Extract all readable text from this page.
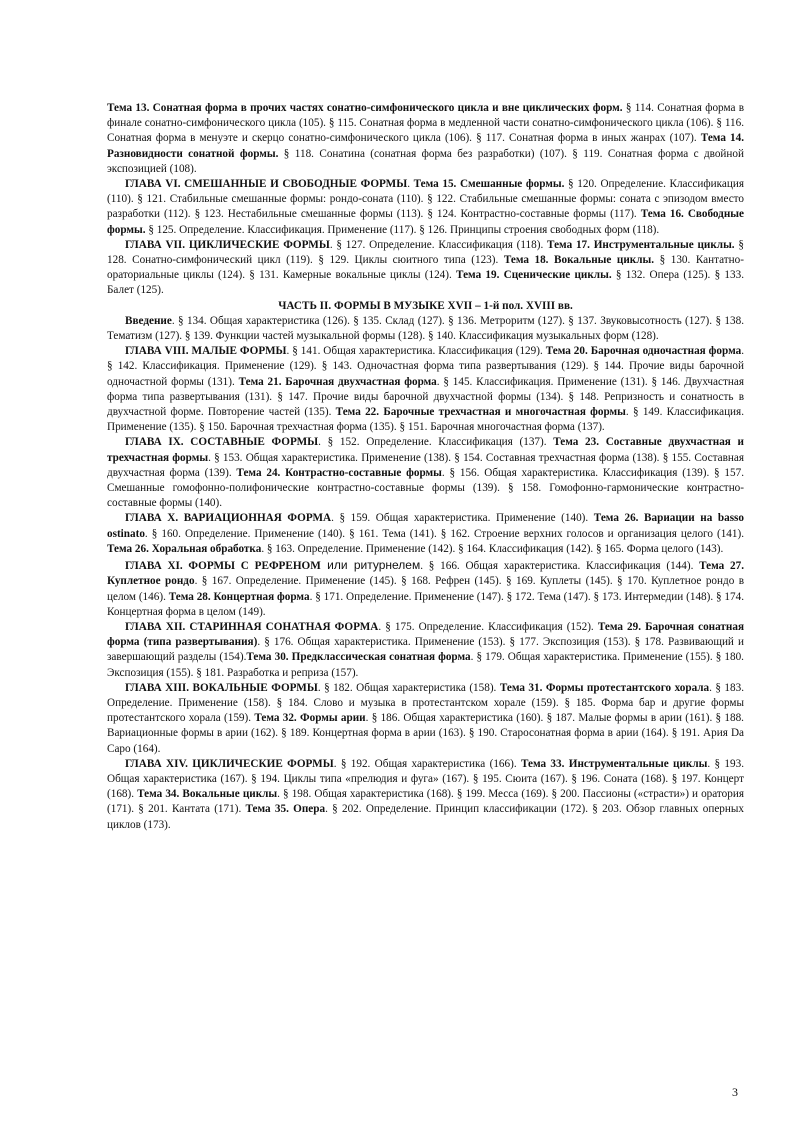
Тема 13. Сонатная форма в прочих частях сонатно-симфонического цикла и вне циклических форм. § 114. Сонатная форма в финале сонатно-симфонического цикла (105). § 115. Сонатная форма в медленной части сонатно-симфонического цикла (106). § 116. Сонатная форма в менуэте и скерцо сонатно-симфонического цикла (106). § 117. Сонатная форма в иных жанрах (107). Тема 14. Разновидности сонатной формы. § 118. Сонатина (сонатная форма без разработки) (107). § 119. Сонатная форма с двойной экспозицией (108).

ГЛАВА VI. СМЕШАННЫЕ И СВОБОДНЫЕ ФОРМЫ. Тема 15. Смешанные формы. § 120. Определение. Классификация (110). § 121. Стабильные смешанные формы: рондо-соната (110). § 122. Стабильные смешанные формы: соната с эпизодом вместо разработки (112). § 123. Нестабильные смешанные формы (113). § 124. Контрастно-составные формы (117). Тема 16. Свободные формы. § 125. Определение. Классификация. Применение (117). § 126. Принципы строения свободных форм (118).

ГЛАВА VII. ЦИКЛИЧЕСКИЕ ФОРМЫ. § 127. Определение. Классификация (118). Тема 17. Инструментальные циклы. § 128. Сонатно-симфонический цикл (119). § 129. Циклы сюитного типа (123). Тема 18. Вокальные циклы. § 130. Кантатно-ораториальные циклы (124). § 131. Камерные вокальные циклы (124). Тема 19. Сценические циклы. § 132. Опера (125). § 133. Балет (125).

ЧАСТЬ II. ФОРМЫ В МУЗЫКЕ XVII – 1-й пол. XVIII вв.

Введение. § 134. Общая характеристика (126). § 135. Склад (127). § 136. Метроритм (127). § 137. Звуковысотность (127). § 138. Тематизм (127). § 139. Функции частей музыкальной формы (128). § 140. Классификация музыкальных форм (128).

ГЛАВА VIII. МАЛЫЕ ФОРМЫ. § 141. Общая характеристика. Классификация (129). Тема 20. Барочная одночастная форма. § 142. Классификация. Применение (129). § 143. Одночастная форма типа развертывания (129). § 144. Прочие виды барочной одночастной формы (131). Тема 21. Барочная двухчастная форма. § 145. Классификация. Применение (131). § 146. Двухчастная форма типа развертывания (131). § 147. Прочие виды барочной двухчастной формы (134). § 148. Репризность и сонатность в двухчастной форме. Повторение частей (135). Тема 22. Барочные трехчастная и многочастная формы. § 149. Классификация. Применение (135). § 150. Барочная трехчастная форма (135). § 151. Барочная многочастная форма (137).

ГЛАВА IX. СОСТАВНЫЕ ФОРМЫ. § 152. Определение. Классификация (137). Тема 23. Составные двухчастная и трехчастная формы. § 153. Общая характеристика. Применение (138). § 154. Составная трехчастная форма (138). § 155. Составная двухчастная форма (139). Тема 24. Контрастно-составные формы. § 156. Общая характеристика. Классификация (139). § 157. Смешанные гомофонно-полифонические контрастно-составные формы (139). § 158. Гомофонно-гармонические контрастно-составные формы (140).

ГЛАВА X. ВАРИАЦИОННАЯ ФОРМА. § 159. Общая характеристика. Применение (140). Тема 26. Вариации на basso ostinato. § 160. Определение. Применение (140). § 161. Тема (141). § 162. Строение верхних голосов и организация целого (141). Тема 26. Хоральная обработка. § 163. Определение. Применение (142). § 164. Классификация (142). § 165. Форма целого (143).

ГЛАВА XI. ФОРМЫ С РЕФРЕНОМ или ритурнелем. § 166. Общая характеристика. Классификация (144). Тема 27. Куплетное рондо. § 167. Определение. Применение (145). § 168. Рефрен (145). § 169. Куплеты (145). § 170. Куплетное рондо в целом (146). Тема 28. Концертная форма. § 171. Определение. Применение (147). § 172. Тема (147). § 173. Интермедии (148). § 174. Концертная форма в целом (149).

ГЛАВА XII. СТАРИННАЯ СОНАТНАЯ ФОРМА. § 175. Определение. Классификация (152). Тема 29. Барочная сонатная форма (типа развертывания). § 176. Общая характеристика. Применение (153). § 177. Экспозиция (153). § 178. Развивающий и завершающий разделы (154).Тема 30. Предклассическая сонатная форма. § 179. Общая характеристика. Применение (155). § 180. Экспозиция (155). § 181. Разработка и реприза (157).

ГЛАВА XIII. ВОКАЛЬНЫЕ ФОРМЫ. § 182. Общая характеристика (158). Тема 31. Формы протестантского хорала. § 183. Определение. Применение (158). § 184. Слово и музыка в протестантском хорале (159). § 185. Форма бар и другие формы протестантского хорала (159). Тема 32. Формы арии. § 186. Общая характеристика (160). § 187. Малые формы в арии (161). § 188. Вариационные формы в арии (162). § 189. Концертная форма в арии (163). § 190. Старосонатная форма в арии (164). § 191. Ария Da Capo (164).

ГЛАВА XIV. ЦИКЛИЧЕСКИЕ ФОРМЫ. § 192. Общая характеристика (166). Тема 33. Инструментальные циклы. § 193. Общая характеристика (167). § 194. Циклы типа «прелюдия и фуга» (167). § 195. Сюита (167). § 196. Соната (168). § 197. Концерт (168). Тема 34. Вокальные циклы. § 198. Общая характеристика (168). § 199. Месса (169). § 200. Пассионы («страсти») и оратория (171). § 201. Кантата (171). Тема 35. Опера. § 202. Определение. Принцип классификации (172). § 203. Обзор главных оперных циклов (173).

3
